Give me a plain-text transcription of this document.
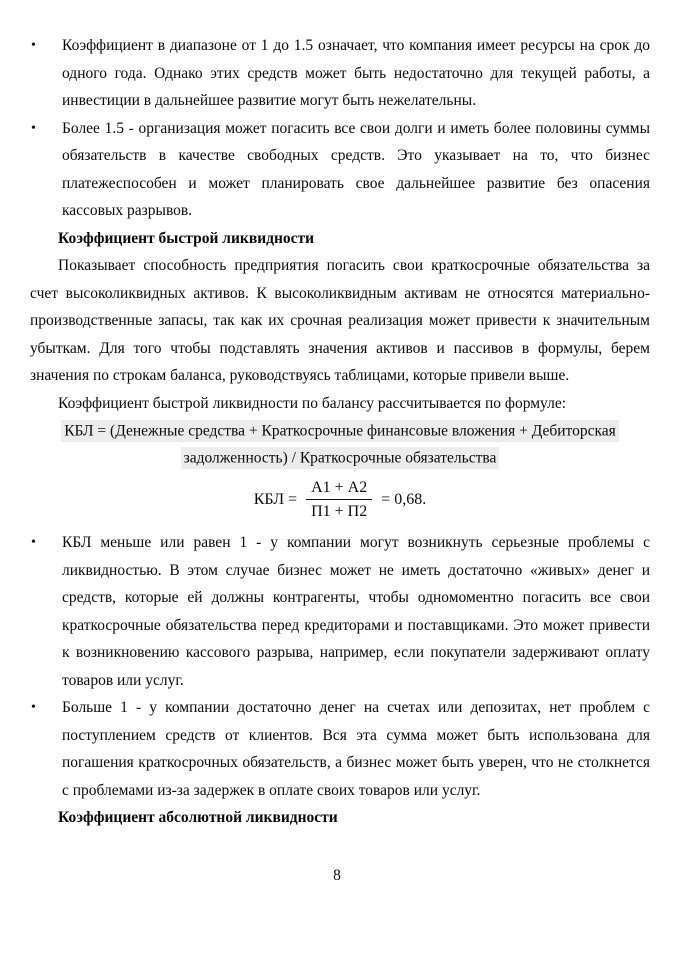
• Коэффициент в диапазоне от 1 до 1.5 означает, что компания имеет ресурсы на срок до одного года. Однако этих средств может быть недостаточно для текущей работы, а инвестиции в дальнейшее развитие могут быть нежелательны.
• Более 1.5 - организация может погасить все свои долги и иметь более половины суммы обязательств в качестве свободных средств. Это указывает на то, что бизнес платежеспособен и может планировать свое дальнейшее развитие без опасения кассовых разрывов.
Коэффициент быстрой ликвидности

Показывает способность предприятия погасить свои краткосрочные обязательства за счет высоколиквидных активов. К высоколиквидным активам не относятся материально-производственные запасы, так как их срочная реализация может привести к значительным убыткам. Для того чтобы подставлять значения активов и пассивов в формулы, берем значения по строкам баланса, руководствуясь таблицами, которые привели выше.

Коэффициент быстрой ликвидности по балансу рассчитывается по формуле:

КБЛ = (Денежные средства + Краткосрочные финансовые вложения + Дебиторская
задолженность) / Краткосрочные обязательства
КБЛ = $\frac{А1 + А2}{П1 + П2} = 0,68$.
• КБЛ меньше или равен 1 - у компании могут возникнуть серьезные проблемы с ликвидностью. В этом случае бизнес может не иметь достаточно «живых» денег и средств, которые ей должны контрагенты, чтобы одномоментно погасить все свои краткосрочные обязательства перед кредиторами и поставщиками. Это может привести к возникновению кассового разрыва, например, если покупатели задерживают оплату товаров или услуг.
• Больше 1 - у компании достаточно денег на счетах или депозитах, нет проблем с поступлением средств от клиентов. Вся эта сумма может быть использована для погашения краткосрочных обязательств, а бизнес может быть уверен, что не столкнется с проблемами из-за задержек в оплате своих товаров или услуг.
Коэффициент абсолютной ликвидности
8
